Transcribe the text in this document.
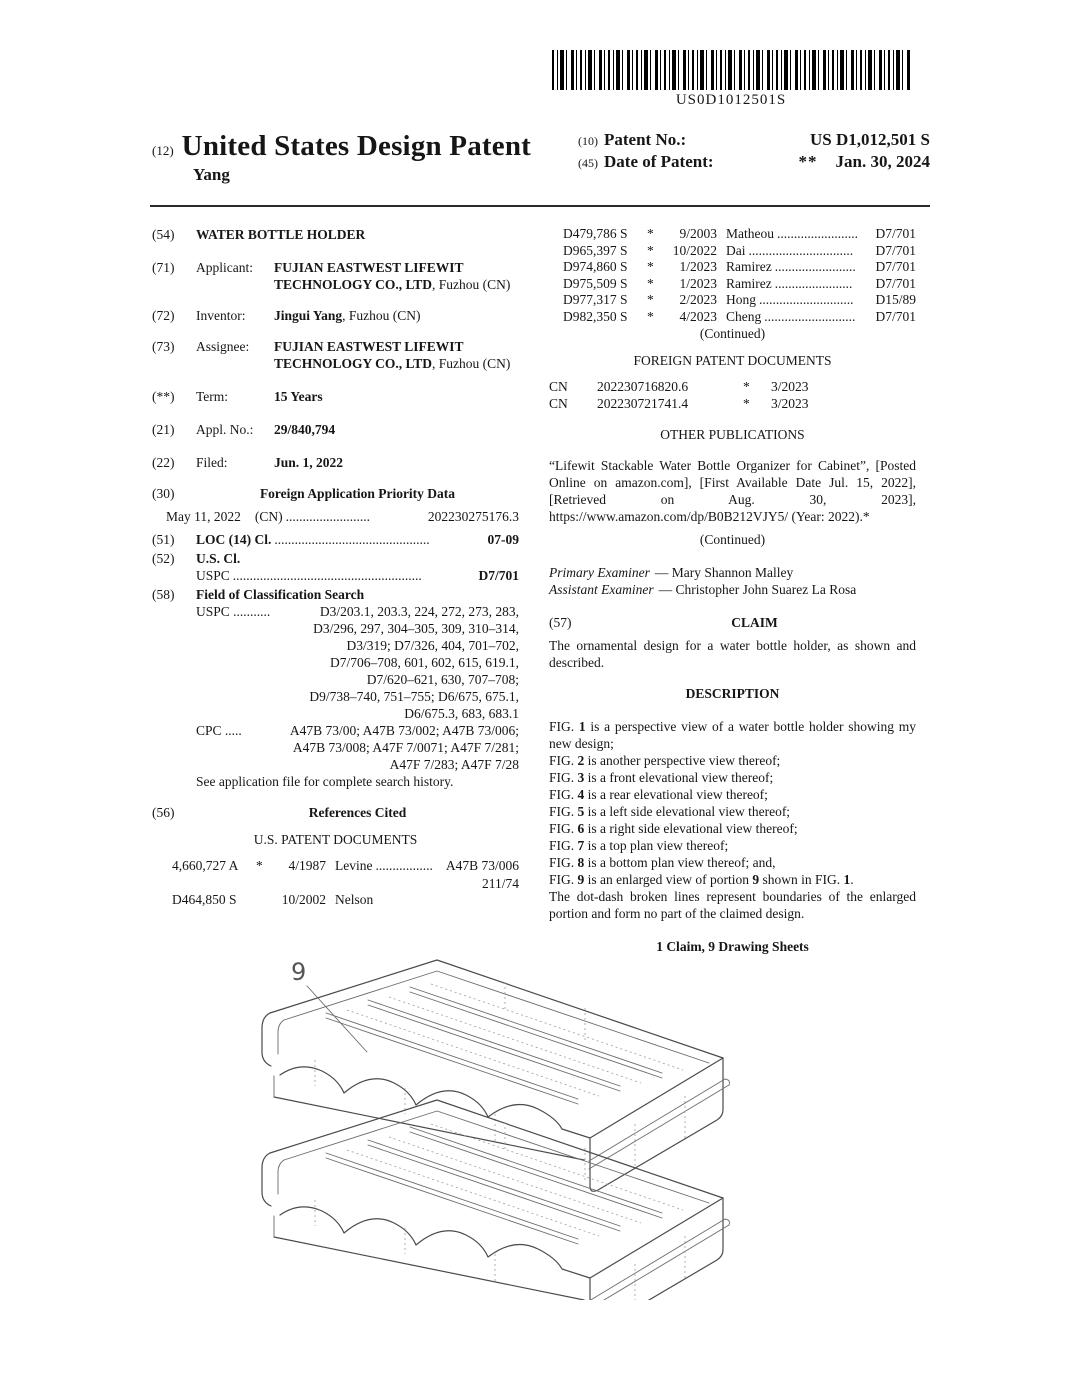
US0D1012501S
(12) United States Design Patent
Yang
(10) Patent No.:	US D1,012,501 S
(45) Date of Patent:	** Jan. 30, 2024
(54)	WATER BOTTLE HOLDER
(71)	Applicant:	FUJIAN EASTWEST LIFEWIT TECHNOLOGY CO., LTD, Fuzhou (CN)
(72)	Inventor:	Jingui Yang, Fuzhou (CN)
(73)	Assignee:	FUJIAN EASTWEST LIFEWIT TECHNOLOGY CO., LTD, Fuzhou (CN)
(**)	Term:	15 Years
(21)	Appl. No.:	29/840,794
(22)	Filed:	Jun. 1, 2022
(30)	Foreign Application Priority Data
May 11, 2022 (CN) .........................	202230275176.3
(51)	LOC (14) Cl. ..............................................	07-09
(52)	U.S. Cl.
USPC ........................................................	D7/701
(58)	Field of Classification Search
USPC ...........	D3/203.1, 203.3, 224, 272, 273, 283,
D3/296, 297, 304–305, 309, 310–314,
D3/319; D7/326, 404, 701–702,
D7/706–708, 601, 602, 615, 619.1,
D7/620–621, 630, 707–708;
D9/738–740, 751–755; D6/675, 675.1,
D6/675.3, 683, 683.1
CPC .....	A47B 73/00; A47B 73/002; A47B 73/006;
A47B 73/008; A47F 7/0071; A47F 7/281;
A47F 7/283; A47F 7/28
See application file for complete search history.
(56)	References Cited
U.S. PATENT DOCUMENTS
4,660,727 A	*	4/1987 Levine ................. A47B 73/006
211/74
D464,850 S	10/2002 Nelson
D479,786 S	*	9/2003 Matheou ........................	D7/701
D965,397 S	*	10/2022 Dai ...............................	D7/701
D974,860 S	*	1/2023 Ramirez ........................	D7/701
D975,509 S	*	1/2023 Ramirez .......................	D7/701
D977,317 S	*	2/2023 Hong ............................	D15/89
D982,350 S	*	4/2023 Cheng ...........................	D7/701
(Continued)
FOREIGN PATENT DOCUMENTS
CN	202230716820.6	*	3/2023
CN	202230721741.4	*	3/2023
OTHER PUBLICATIONS
“Lifewit Stackable Water Bottle Organizer for Cabinet”, [Posted Online on amazon.com], [First Available Date Jul. 15, 2022], [Retrieved on Aug. 30, 2023], https://www.amazon.com/dp/B0B212VJY5/ (Year: 2022).*
(Continued)
Primary Examiner — Mary Shannon Malley
Assistant Examiner — Christopher John Suarez La Rosa
(57)	CLAIM
The ornamental design for a water bottle holder, as shown and described.
DESCRIPTION
FIG. 1 is a perspective view of a water bottle holder showing my new design;
FIG. 2 is another perspective view thereof;
FIG. 3 is a front elevational view thereof;
FIG. 4 is a rear elevational view thereof;
FIG. 5 is a left side elevational view thereof;
FIG. 6 is a right side elevational view thereof;
FIG. 7 is a top plan view thereof;
FIG. 8 is a bottom plan view thereof; and,
FIG. 9 is an enlarged view of portion 9 shown in FIG. 1.
The dot-dash broken lines represent boundaries of the enlarged portion and form no part of the claimed design.
1 Claim, 9 Drawing Sheets
9
